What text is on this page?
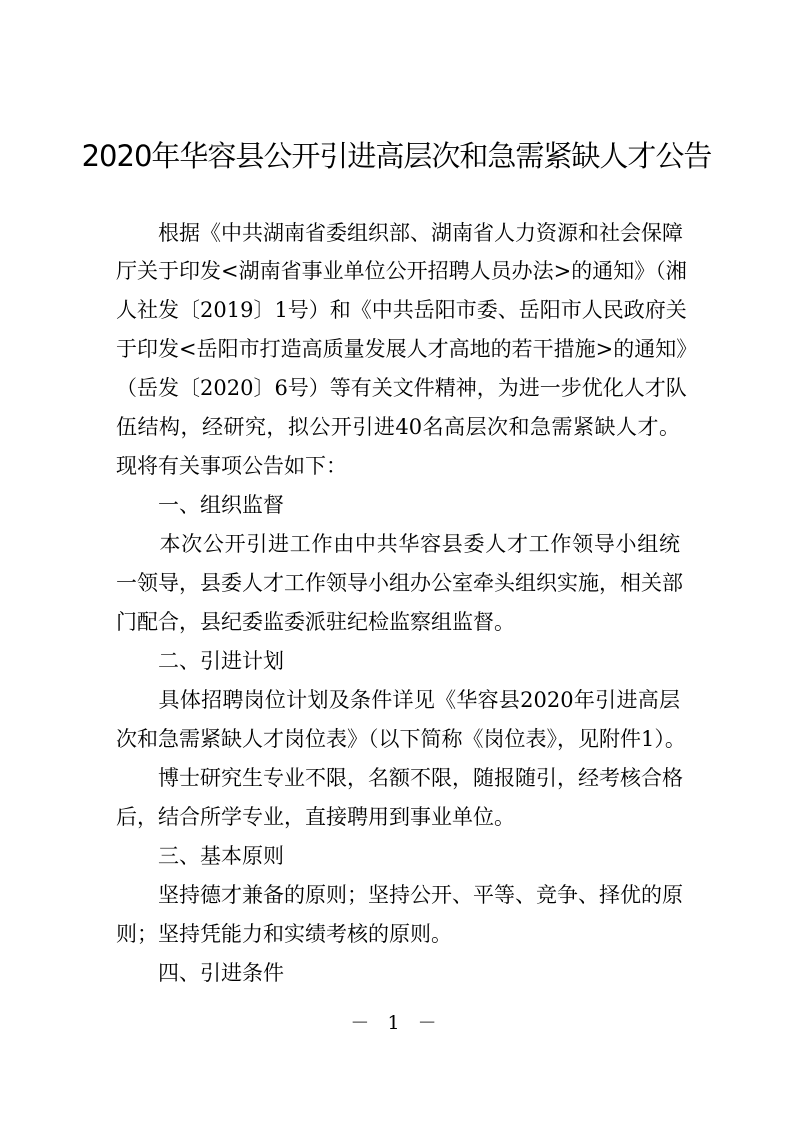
2020年华容县公开引进高层次和急需紧缺人才公告
　　根据《中共湖南省委组织部、湖南省人力资源和社会保障
厅关于印发<湖南省事业单位公开招聘人员办法>的通知》（湘
人社发〔2019〕1号）和《中共岳阳市委、岳阳市人民政府关
于印发<岳阳市打造高质量发展人才高地的若干措施>的通知》
（岳发〔2020〕6号）等有关文件精神，为进一步优化人才队
伍结构，经研究，拟公开引进40名高层次和急需紧缺人才。
现将有关事项公告如下：
一、组织监督
　　本次公开引进工作由中共华容县委人才工作领导小组统
一领导，县委人才工作领导小组办公室牵头组织实施，相关部
门配合，县纪委监委派驻纪检监察组监督。
二、引进计划
　　具体招聘岗位计划及条件详见《华容县2020年引进高层
次和急需紧缺人才岗位表》（以下简称《岗位表》，见附件1）。
　　博士研究生专业不限，名额不限，随报随引，经考核合格
后，结合所学专业，直接聘用到事业单位。
三、基本原则
　　坚持德才兼备的原则；坚持公开、平等、竞争、择优的原
则；坚持凭能力和实绩考核的原则。
四、引进条件
－ 1 －
